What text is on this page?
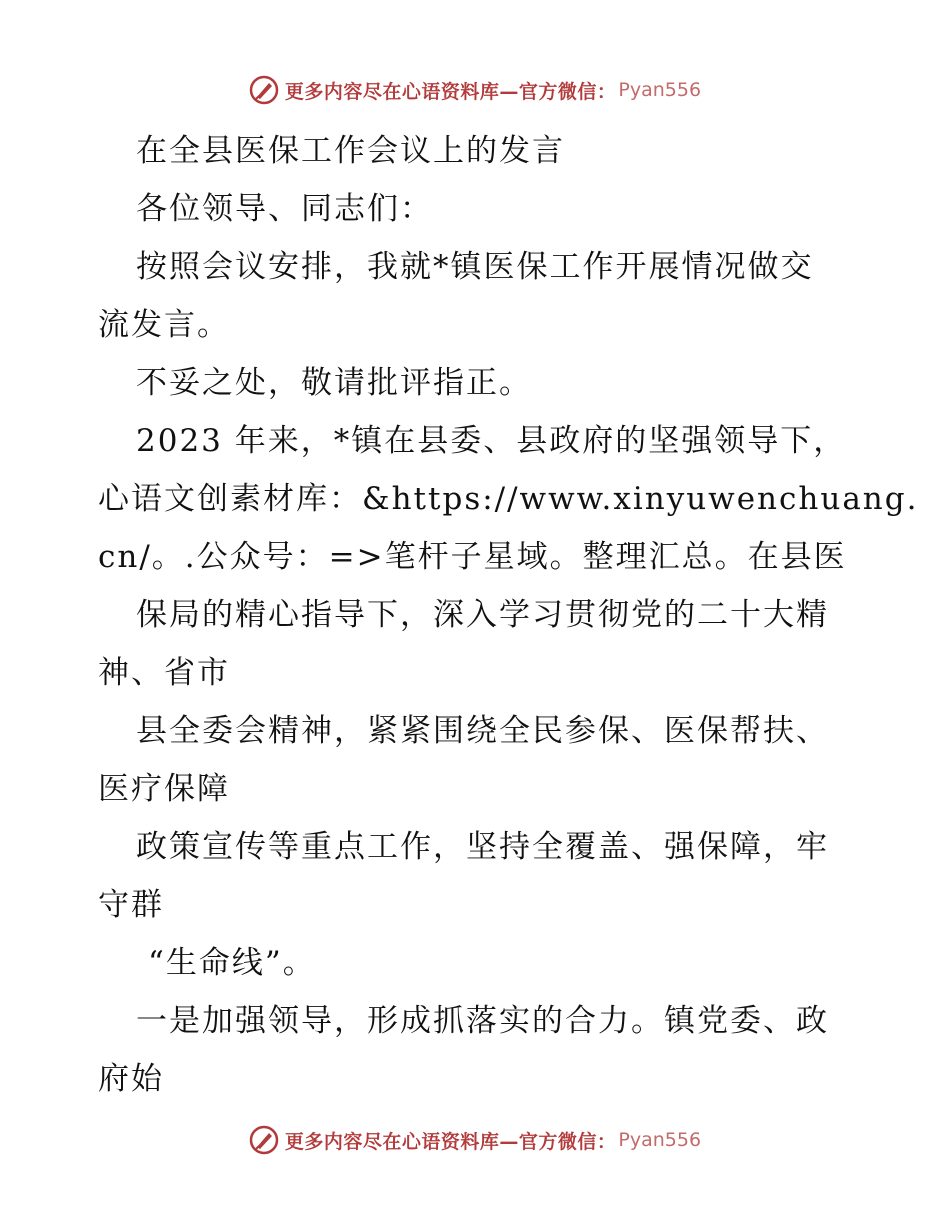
更多内容尽在心语资料库—官方微信： Pyan556
在全县医保工作会议上的发言
各位领导、同志们：
按照会议安排，我就*镇医保工作开展情况做交
流发言。
不妥之处，敬请批评指正。
2023 年来，*镇在县委、县政府的坚强领导下，
心语文创素材库：&https://www.xinyuwenchuang.
cn/。.公众号：=>笔杆子星域。整理汇总。在县医
保局的精心指导下，深入学习贯彻党的二十大精
神、省市
县全委会精神，紧紧围绕全民参保、医保帮扶、
医疗保障
政策宣传等重点工作，坚持全覆盖、强保障，牢
守群
“生命线”。
一是加强领导，形成抓落实的合力。镇党委、政
府始
更多内容尽在心语资料库—官方微信： Pyan556
